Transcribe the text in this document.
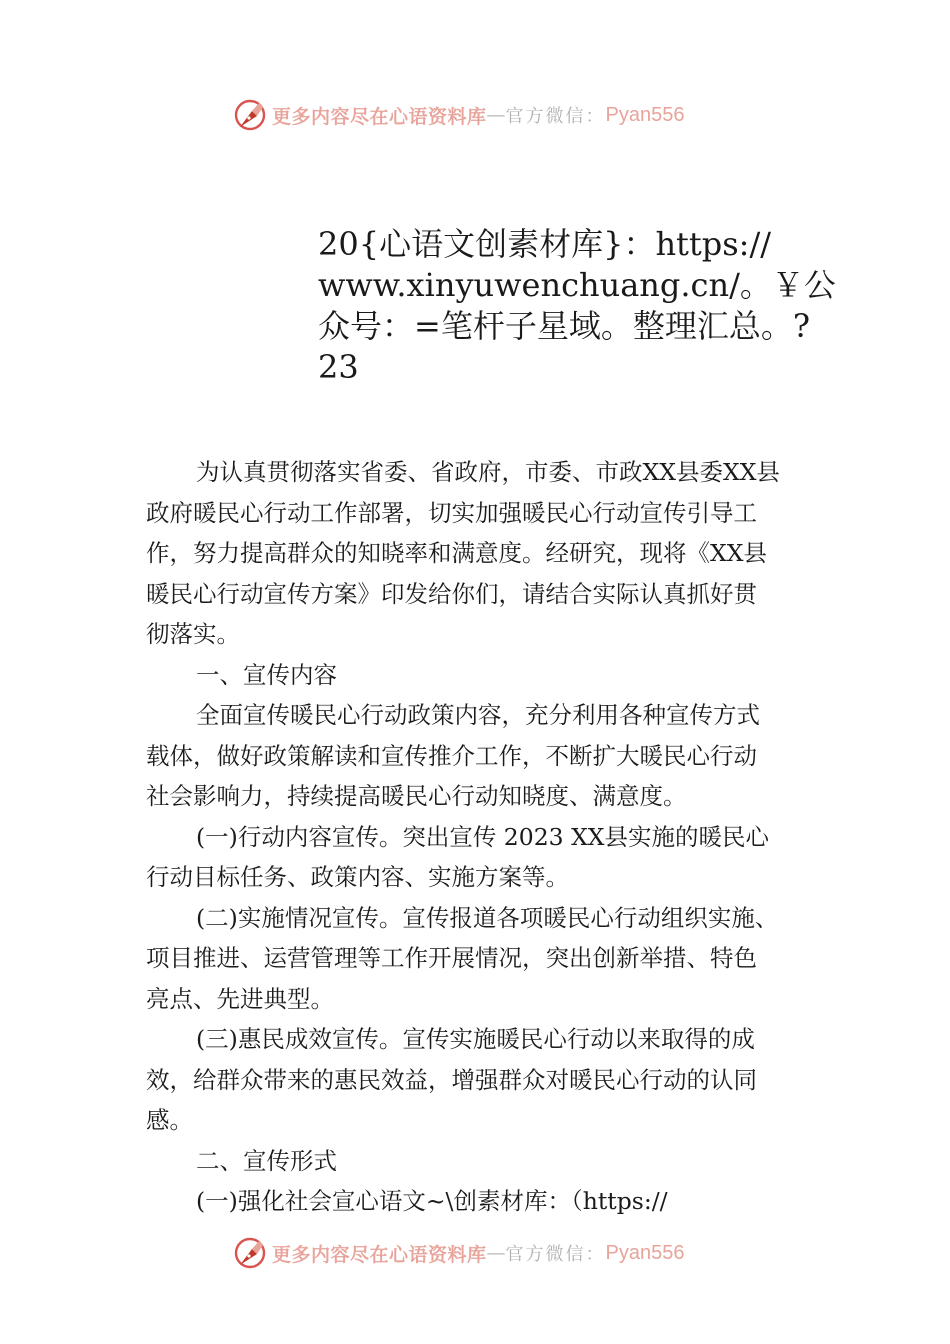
更多内容尽在心语资料库 — 官方微信： Pyan556
20{心语文创素材库}：https://
www.xinyuwenchuang.cn/。￥公
众号：=笔杆子星域。整理汇总。?
23
为认真贯彻落实省委、省政府，市委、市政XX县委XX县
政府暖民心行动工作部署，切实加强暖民心行动宣传引导工
作，努力提高群众的知晓率和满意度。经研究，现将《XX县
暖民心行动宣传方案》印发给你们，请结合实际认真抓好贯
彻落实。
一、宣传内容
全面宣传暖民心行动政策内容，充分利用各种宣传方式
载体，做好政策解读和宣传推介工作，不断扩大暖民心行动
社会影响力，持续提高暖民心行动知晓度、满意度。
(一)行动内容宣传。突出宣传 2023 XX县实施的暖民心
行动目标任务、政策内容、实施方案等。
(二)实施情况宣传。宣传报道各项暖民心行动组织实施、
项目推进、运营管理等工作开展情况，突出创新举措、特色
亮点、先进典型。
(三)惠民成效宣传。宣传实施暖民心行动以来取得的成
效，给群众带来的惠民效益，增强群众对暖民心行动的认同
感。
二、宣传形式
(一)强化社会宣心语文~\创素材库：（https://
更多内容尽在心语资料库 — 官方微信： Pyan556
